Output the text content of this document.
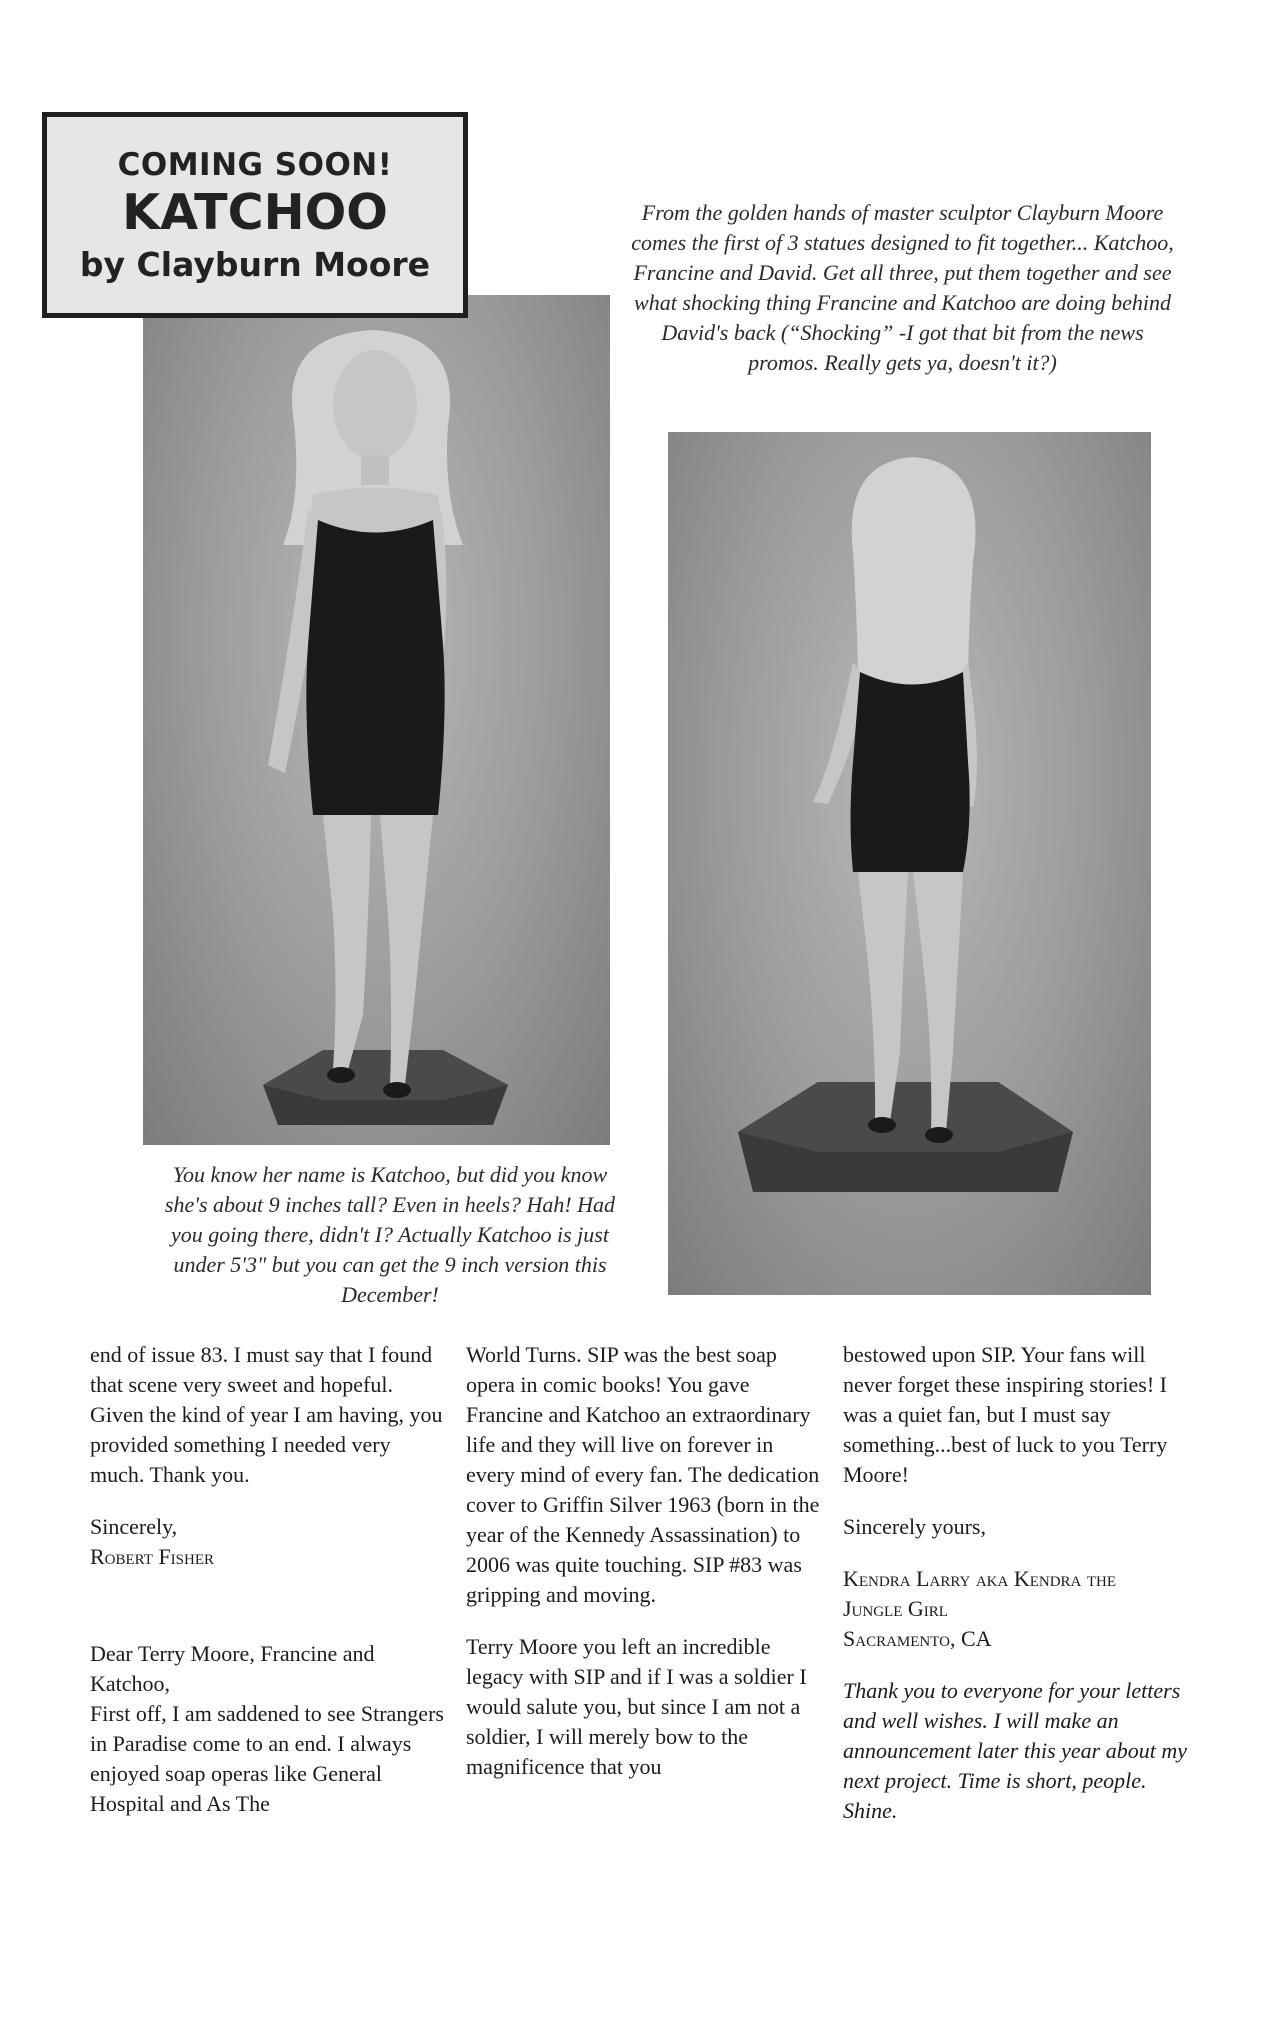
COMING SOON!
KATCHOO
by Clayburn Moore
From the golden hands of master sculptor Clayburn Moore comes the first of 3 statues designed to fit together... Katchoo, Francine and David. Get all three, put them together and see what shocking thing Francine and Katchoo are doing behind David's back (“Shocking” -I got that bit from the news promos. Really gets ya, doesn't it?)
You know her name is Katchoo, but did you know she's about 9 inches tall? Even in heels? Hah! Had you going there, didn't I? Actually Katchoo is just under 5'3" but you can get the 9 inch version this December!

end of issue 83. I must say that I found that scene very sweet and hopeful. Given the kind of year I am having, you provided something I needed very much. Thank you.

Sincerely,

Robert Fisher

Dear Terry Moore, Francine and Katchoo,

First off, I am saddened to see Strangers in Paradise come to an end. I always enjoyed soap operas like General Hospital and As The

World Turns. SIP was the best soap opera in comic books! You gave Francine and Katchoo an extraordinary life and they will live on forever in every mind of every fan. The dedication cover to Griffin Silver 1963 (born in the year of the Kennedy Assassination) to 2006 was quite touching. SIP #83 was gripping and moving.

Terry Moore you left an incredible legacy with SIP and if I was a soldier I would salute you, but since I am not a soldier, I will merely bow to the magnificence that you

bestowed upon SIP. Your fans will never forget these inspiring stories! I was a quiet fan, but I must say something...best of luck to you Terry Moore!

Sincerely yours,

Kendra Larry aka Kendra the

Jungle Girl

Sacramento, CA

Thank you to everyone for your letters and well wishes. I will make an announcement later this year about my next project. Time is short, people. Shine.
